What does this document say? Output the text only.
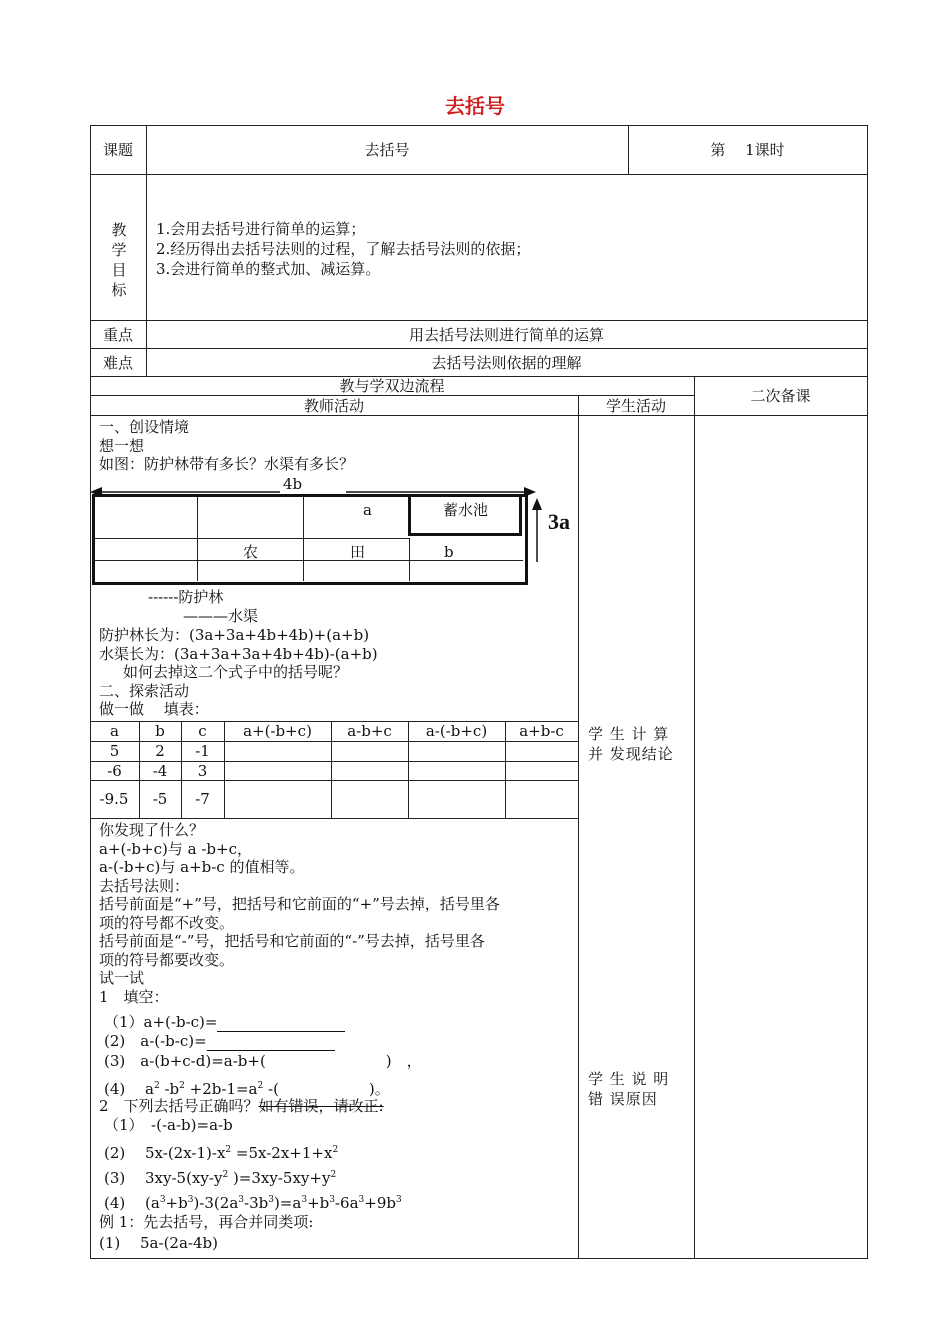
去括号
课题	去括号	第　 1课时
教
学
目
标
1.会用去括号进行简单的运算；
2.经历得出去括号法则的过程，了解去括号法则的依据；
3.会进行简单的整式加、减运算。
重点	用去括号法则进行简单的运算
难点	去括号法则依据的理解
教与学双边流程
二次备课
教师活动	学生活动
一、创设情境
想一想
如图：防护林带有多长？水渠有多长？
4b
a	蓄水池
农	田	b
3a
------防护林
———水渠
防护林长为：(3a+3a+4b+4b)+(a+b)
水渠长为：(3a+3a+3a+4b+4b)-(a+b)
如何去掉这二个式子中的括号呢？
二、探索活动
做一做　 填表：
a	b	c	a+(-b+c)	a-b+c	a-(-b+c)	a+b-c
5	2	-1
-6	-4	3
-9.5	-5	-7
学 生 计 算 并 发现结论
学 生 说 明 错 误原因
你发现了什么？
a+(-b+c)与 a -b+c，
a-(-b+c)与 a+b-c 的值相等。
去括号法则：
括号前面是“+”号，把括号和它前面的“+”号去掉，括号里各
项的符号都不改变。
括号前面是“-”号，把括号和它前面的“-”号去掉，括号里各
项的符号都要改变。
试一试
1　填空：
（1）a+(-b-c)=
(2)　a-(-b-c)=
(3)　a-(b+c-d)=a-b+(　　　　　　　　)　，
(4)　 $a^2$ $-b^2 +2b-1=a^2$ -(　　　　　　)。
2　下列去括号正确吗？如有错误，请改正:
（1）　-(-a-b)=a-b
(2)　 $5x-(2x-1)-x^2 =5x-2x+1+x^2$
(3)　 $3xy-5(xy-y^2$ )$=3xy-5xy+y^2$
(4)　 $(a^3+b^3)-3(2a^3-3b^3)=a^3+b^3-6a^3+9b^3$
例 1：先去括号，再合并同类项:
(1)　 5a-(2a-4b)
